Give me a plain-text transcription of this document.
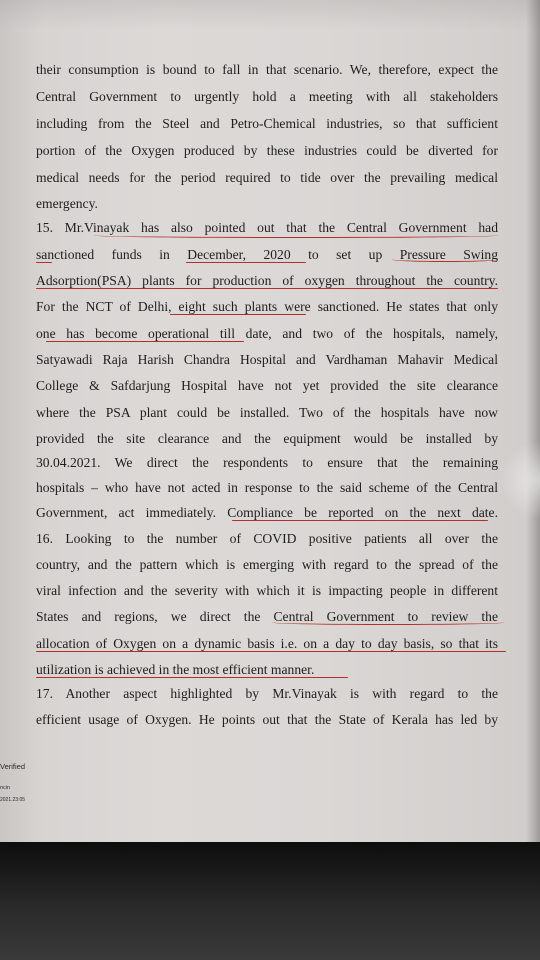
their consumption is bound to fall in that scenario. We, therefore, expect the
Central Government to urgently hold a meeting with all stakeholders
including from the Steel and Petro-Chemical industries, so that sufficient
portion of the Oxygen produced by these industries could be diverted for
medical needs for the period required to tide over the prevailing medical
emergency.
15. Mr.Vinayak has also pointed out that the Central Government had
sanctioned funds in December, 2020 to set up Pressure Swing
Adsorption(PSA) plants for production of oxygen throughout the country.
For the NCT of Delhi, eight such plants were sanctioned. He states that only
one has become operational till date, and two of the hospitals, namely,
Satyawadi Raja Harish Chandra Hospital and Vardhaman Mahavir Medical
College & Safdarjung Hospital have not yet provided the site clearance
where the PSA plant could be installed. Two of the hospitals have now
provided the site clearance and the equipment would be installed by
30.04.2021. We direct the respondents to ensure that the remaining
hospitals – who have not acted in response to the said scheme of the Central
Government, act immediately. Compliance be reported on the next date.
16. Looking to the number of COVID positive patients all over the
country, and the pattern which is emerging with regard to the spread of the
viral infection and the severity with which it is impacting people in different
States and regions, we direct the Central Government to review the
allocation of Oxygen on a dynamic basis i.e. on a day to day basis, so that its
utilization is achieved in the most efficient manner.
17. Another aspect highlighted by Mr.Vinayak is with regard to the
efficient usage of Oxygen. He points out that the State of Kerala has led by
Verified
ncin
2021.23:05
